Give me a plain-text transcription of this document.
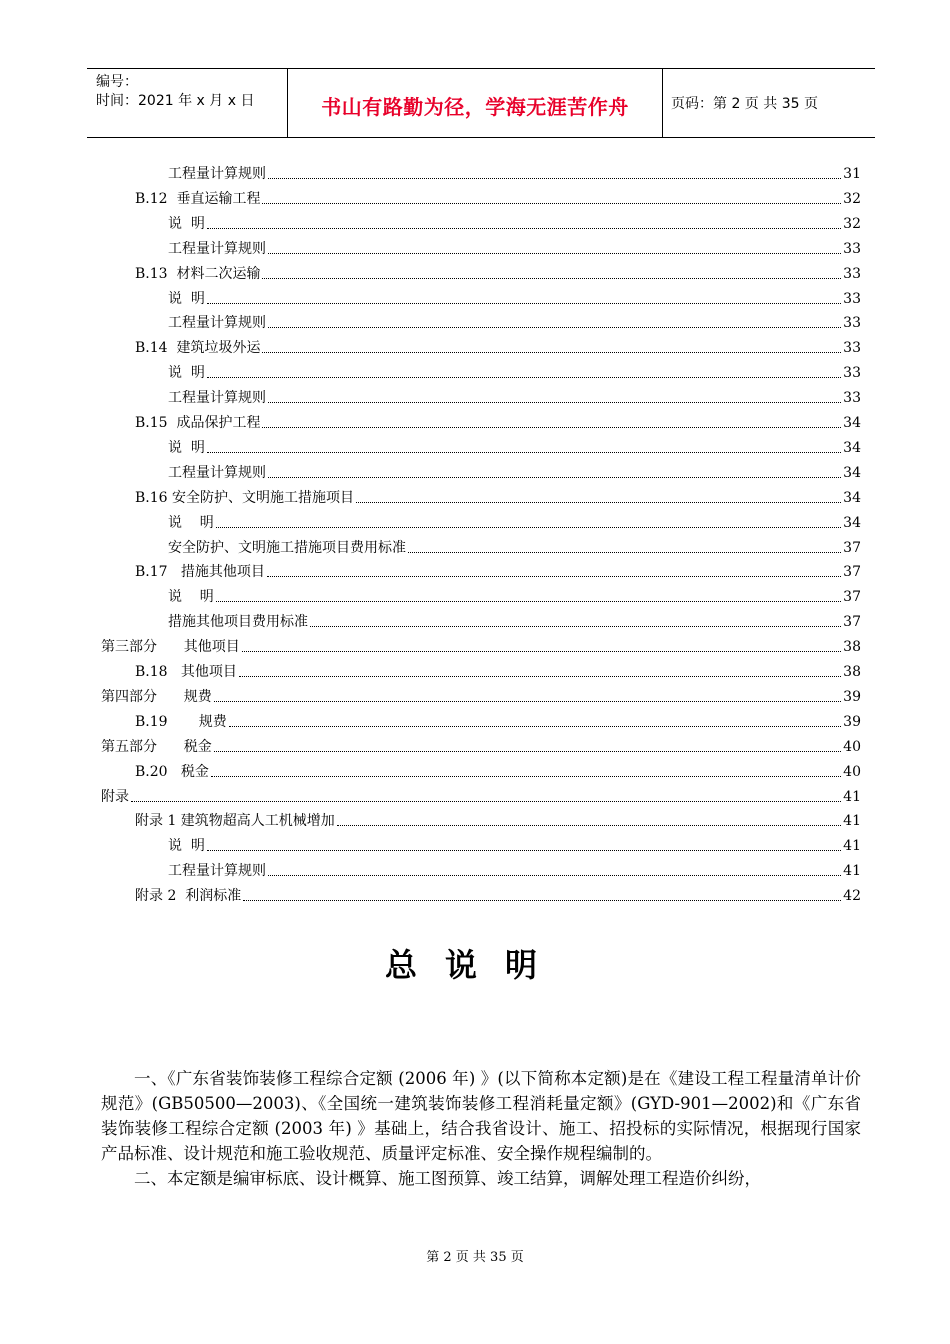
编号：
时间：2021 年 x 月 x 日	书山有路勤为径，学海无涯苦作舟	页码：第 2 页 共 35 页
工程量计算规则	31
B.12  垂直运输工程	32
说  明	32
工程量计算规则	33
B.13  材料二次运输	33
说  明	33
工程量计算规则	33
B.14  建筑垃圾外运	33
说  明	33
工程量计算规则	33
B.15  成品保护工程	34
说  明	34
工程量计算规则	34
B.16 安全防护、文明施工措施项目	34
说    明	34
安全防护、文明施工措施项目费用标准	37
B.17   措施其他项目	37
说    明	37
措施其他项目费用标准	37
第三部分      其他项目	38
B.18   其他项目	38
第四部分      规费	39
B.19       规费	39
第五部分      税金	40
B.20   税金	40
附录	41
附录 1 建筑物超高人工机械增加	41
说  明	41
工程量计算规则	41
附录 2  利润标准	42
总说明

一、《广东省装饰装修工程综合定额 (2006 年) 》(以下简称本定额)是在《建设工程工程量清单计价规范》(GB50500—2003)、《全国统一建筑装饰装修工程消耗量定额》(GYD-901—2002)和《广东省装饰装修工程综合定额 (2003 年) 》基础上，结合我省设计、施工、招投标的实际情况，根据现行国家产品标准、设计规范和施工验收规范、质量评定标准、安全操作规程编制的。

二、本定额是编审标底、设计概算、施工图预算、竣工结算，调解处理工程造价纠纷，

第 2 页 共 35 页
